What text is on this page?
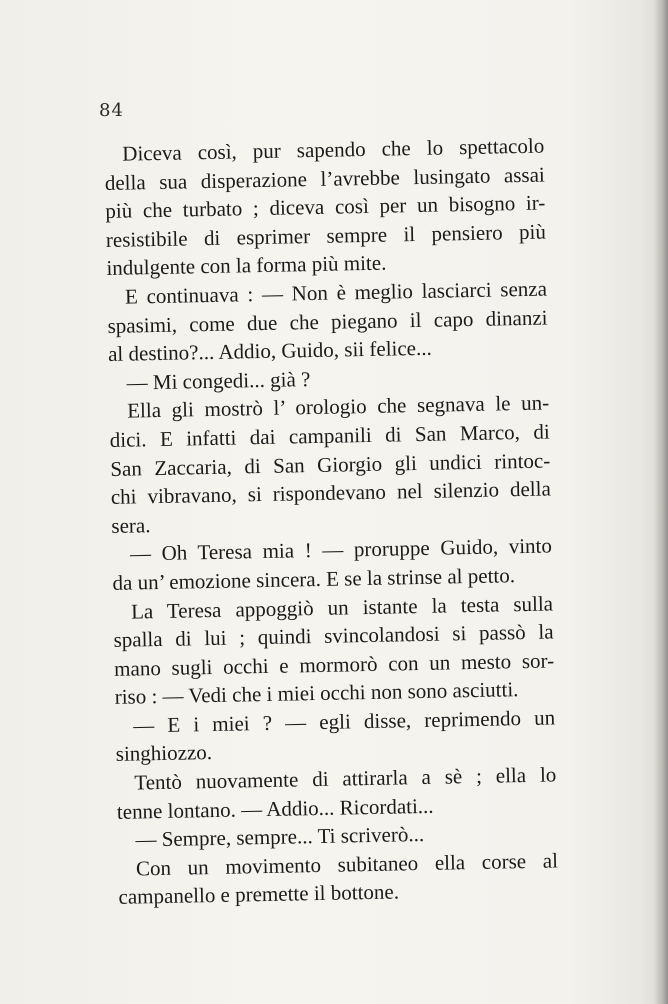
84
Diceva così, pur sapendo che lo spettacolo
della sua disperazione l’avrebbe lusingato assai
più che turbato ; diceva così per un bisogno ir-
resistibile di esprimer sempre il pensiero più
indulgente con la forma più mite.
E continuava : — Non è meglio lasciarci senza
spasimi, come due che piegano il capo dinanzi
al destino?... Addio, Guido, sii felice...
— Mi congedi... già ?
Ella gli mostrò l’ orologio che segnava le un-
dici. E infatti dai campanili di San Marco, di
San Zaccaria, di San Giorgio gli undici rintoc-
chi vibravano, si rispondevano nel silenzio della
sera.
— Oh Teresa mia ! — proruppe Guido, vinto
da un’ emozione sincera. E se la strinse al petto.
La Teresa appoggiò un istante la testa sulla
spalla di lui ; quindi svincolandosi si passò la
mano sugli occhi e mormorò con un mesto sor-
riso : — Vedi che i miei occhi non sono asciutti.
— E i miei ? — egli disse, reprimendo un
singhiozzo.
Tentò nuovamente di attirarla a sè ; ella lo
tenne lontano. — Addio... Ricordati...
— Sempre, sempre... Ti scriverò...
Con un movimento subitaneo ella corse al
campanello e premette il bottone.
